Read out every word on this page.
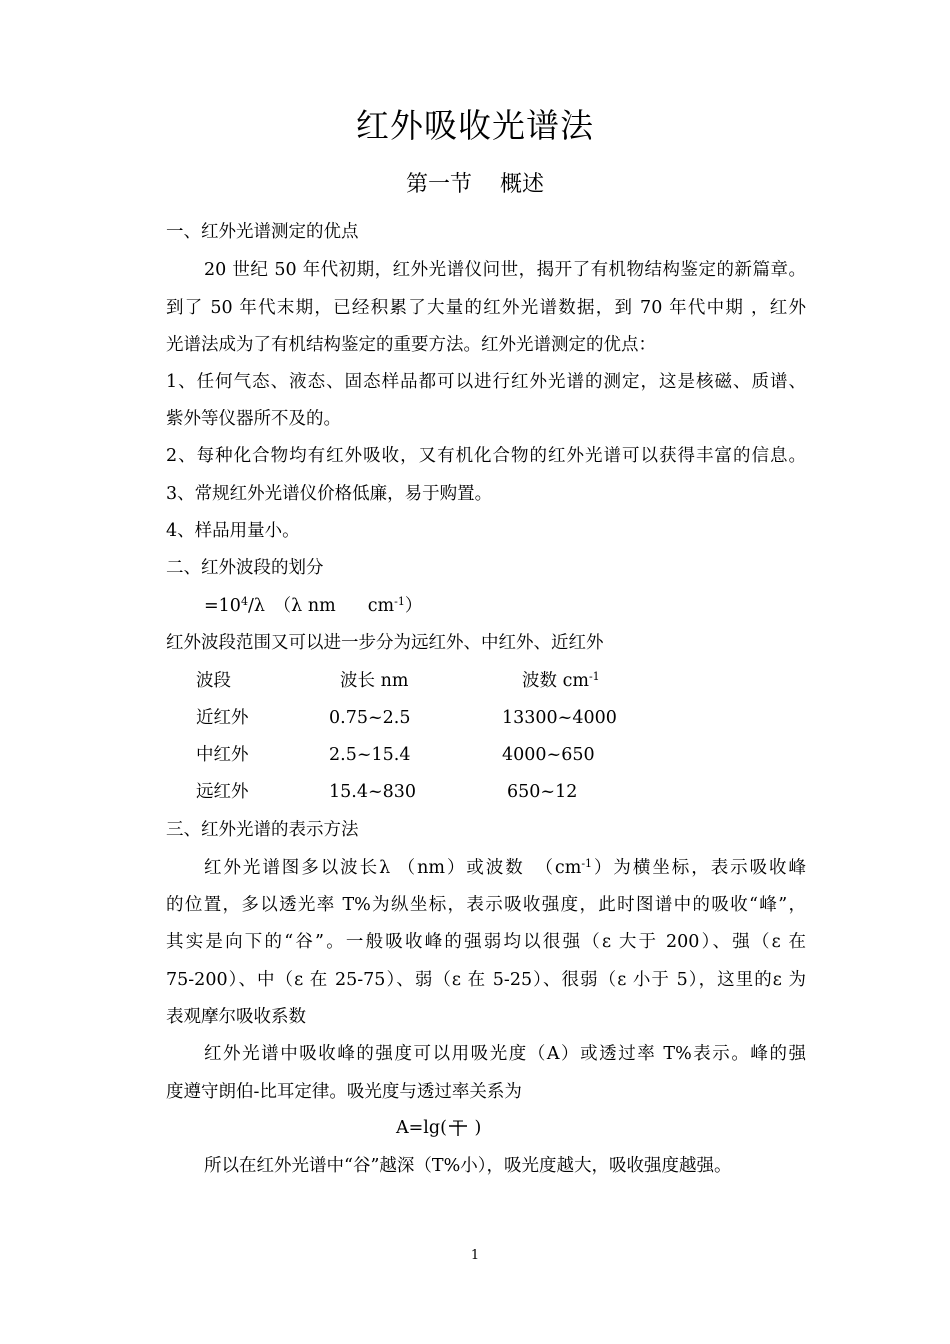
红外吸收光谱法
第一节 概述
一、红外光谱测定的优点
20 世纪 50 年代初期，红外光谱仪问世，揭开了有机物结构鉴定的新篇章。
到了 50 年代末期，已经积累了大量的红外光谱数据，到 70 年代中期 ，红外
光谱法成为了有机结构鉴定的重要方法。红外光谱测定的优点：
1、任何气态、液态、固态样品都可以进行红外光谱的测定，这是核磁、质谱、
紫外等仪器所不及的。
2、每种化合物均有红外吸收，又有机化合物的红外光谱可以获得丰富的信息。
3、常规红外光谱仪价格低廉，易于购置。
4、样品用量小。
二、红外波段的划分
$=10^4/\lambda$　（λ nm $cm^{-1}$）
红外波段范围又可以进一步分为远红外、中红外、近红外
波段	波长 nm	波数 $cm^{-1}$
近红外	0.75~2.5	13300~4000
中红外	2.5~15.4	4000~650
远红外	15.4~830	650~12
三、红外光谱的表示方法
红外光谱图多以波长λ （nm）或波数　$(cm^{-1})$为横坐标，表示吸收峰
的位置，多以透光率 T%为纵坐标，表示吸收强度，此时图谱中的吸收“峰”，
其实是向下的“谷”。一般吸收峰的强弱均以很强（ε 大于 200）、强（ε 在
75-200）、中（ε 在 25-75）、弱（ε 在 5-25）、很弱（ε 小于 5），这里的ε 为
表观摩尔吸收系数
红外光谱中吸收峰的强度可以用吸光度（A）或透过率 T%表示。峰的强
度遵守朗伯-比耳定律。吸光度与透过率关系为
A=lg(
)
所以在红外光谱中“谷”越深（T%小），吸光度越大，吸收强度越强。
1
